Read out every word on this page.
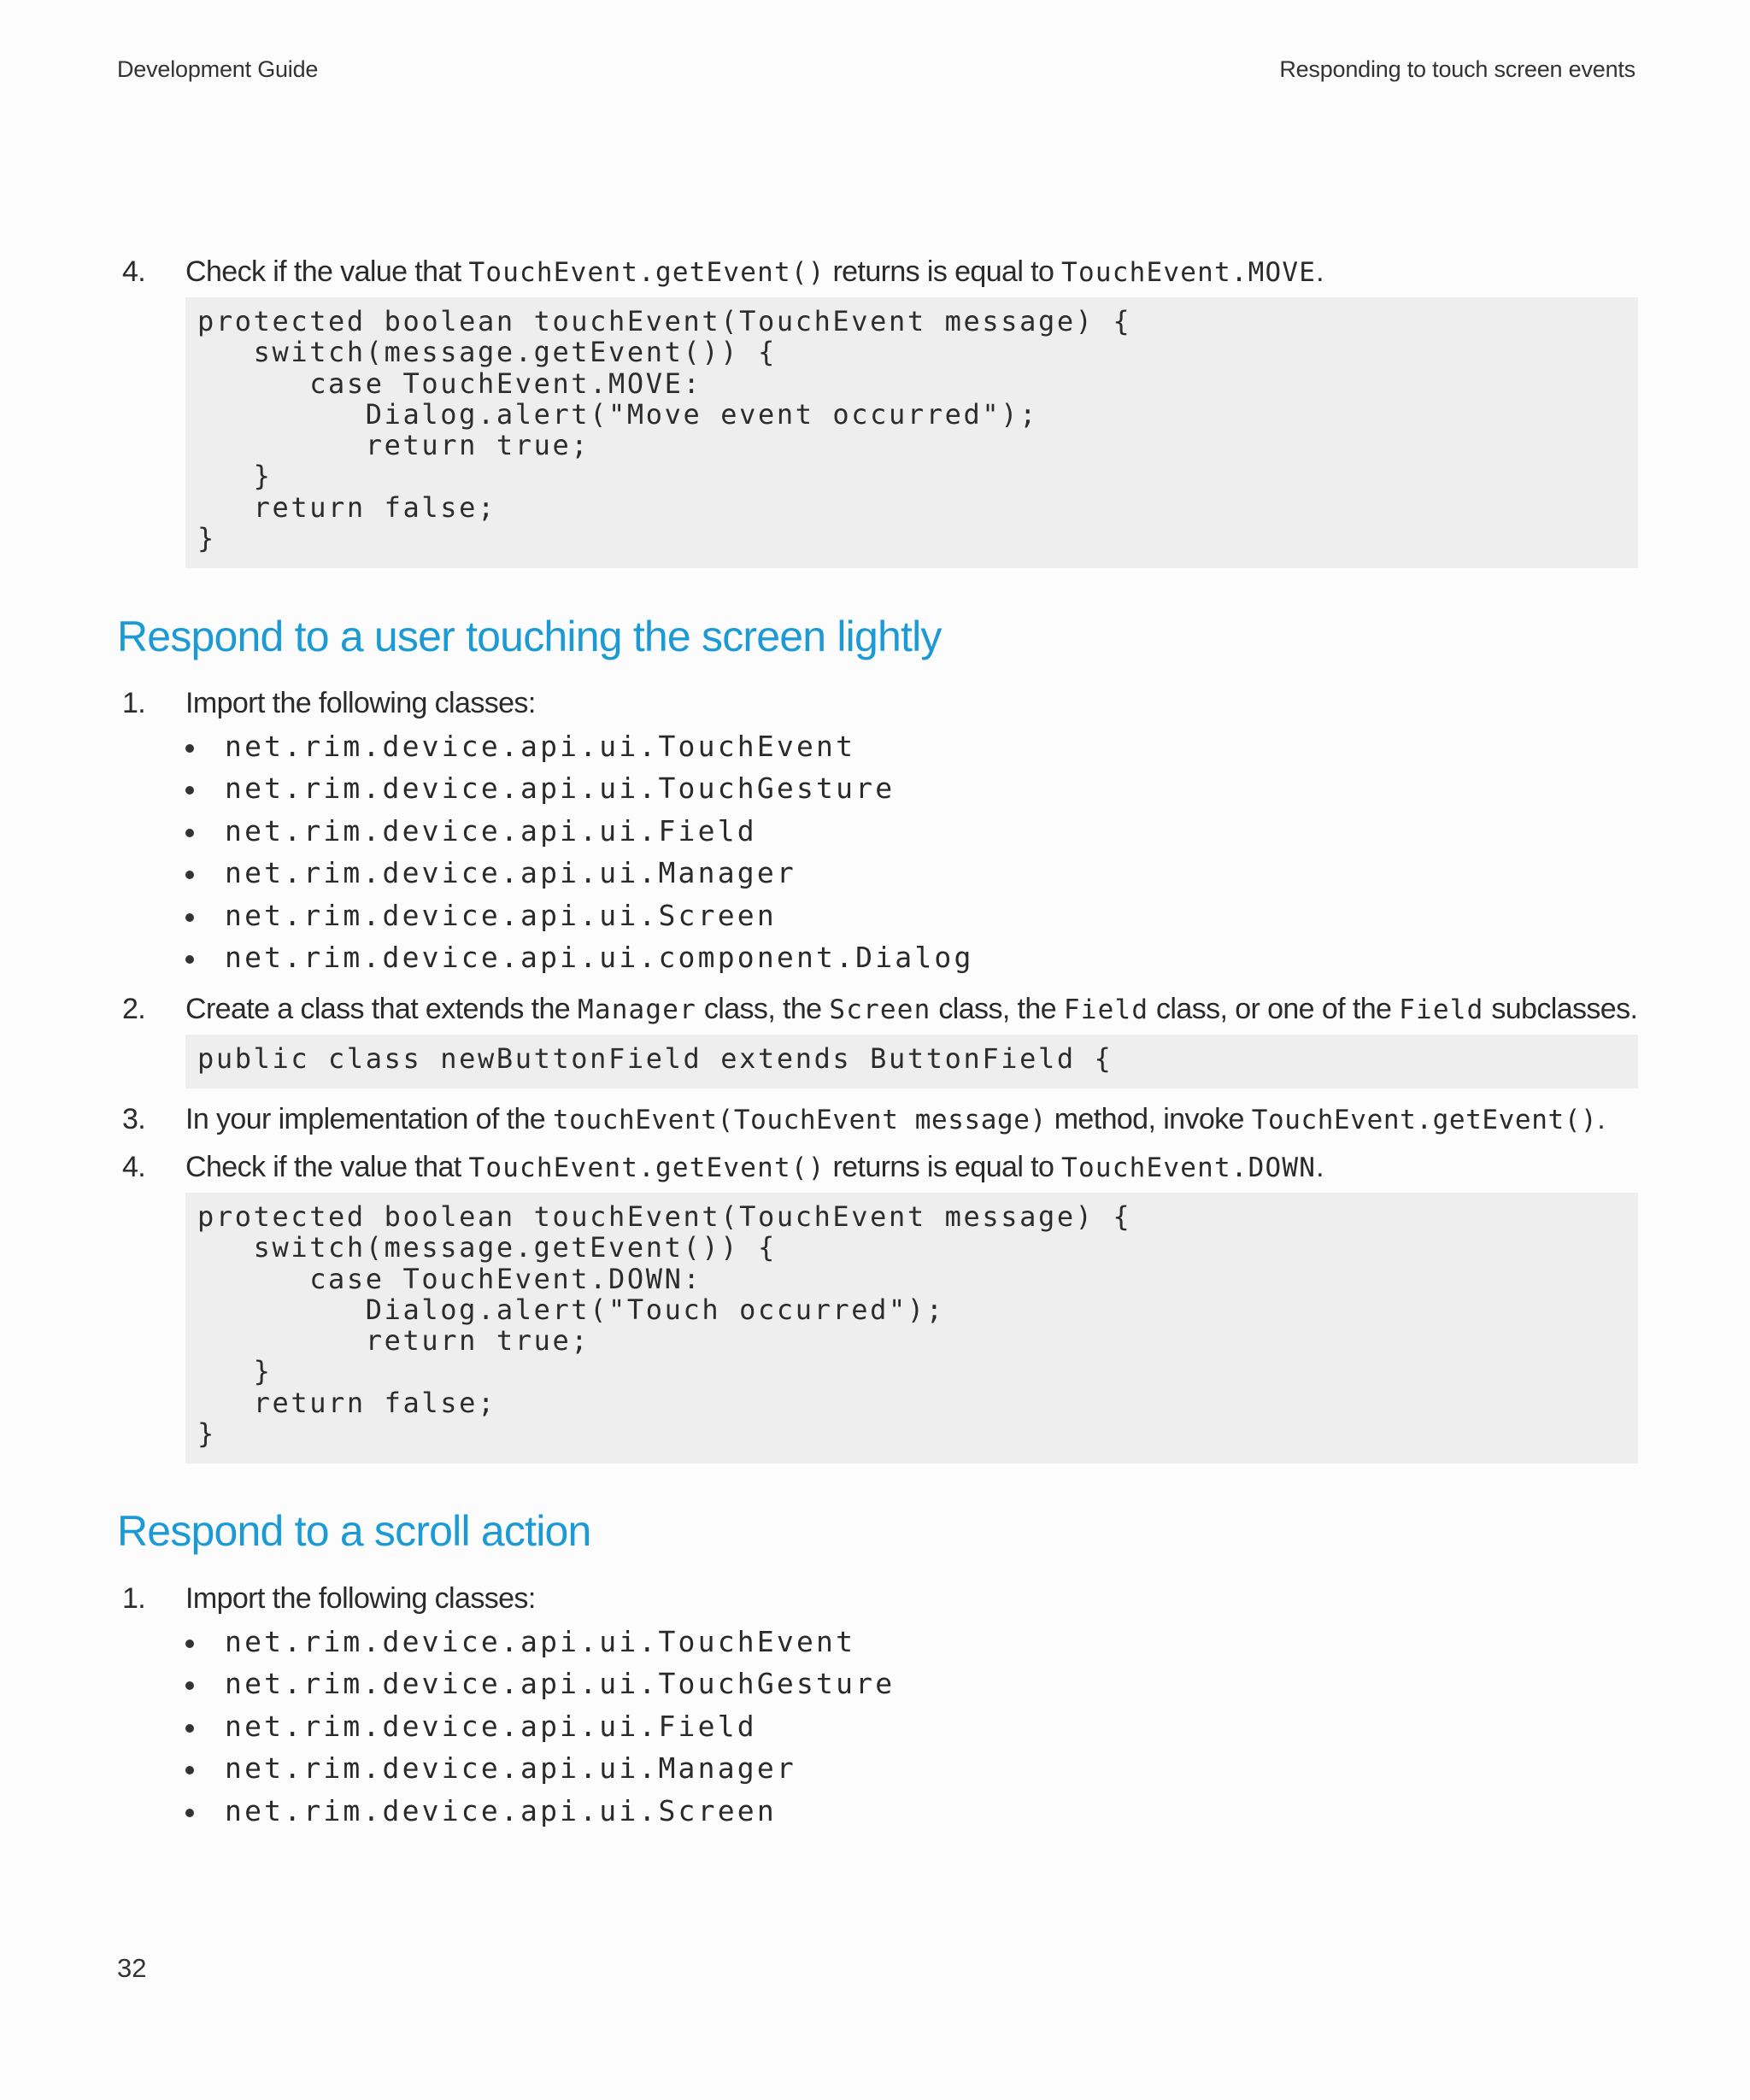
Development Guide	Responding to touch screen events
4. Check if the value that TouchEvent.getEvent() returns is equal to TouchEvent.MOVE.
protected boolean touchEvent(TouchEvent message) {
switch(message.getEvent()) {
case TouchEvent.MOVE:
Dialog.alert("Move event occurred");
return true;
}
return false;
}
Respond to a user touching the screen lightly
1. Import the following classes:
net.rim.device.api.ui.TouchEvent
net.rim.device.api.ui.TouchGesture
net.rim.device.api.ui.Field
net.rim.device.api.ui.Manager
net.rim.device.api.ui.Screen
net.rim.device.api.ui.component.Dialog
2. Create a class that extends the Manager class, the Screen class, the Field class, or one of the Field subclasses.
public class newButtonField extends ButtonField {
3. In your implementation of the touchEvent(TouchEvent message) method, invoke TouchEvent.getEvent().
4. Check if the value that TouchEvent.getEvent() returns is equal to TouchEvent.DOWN.
protected boolean touchEvent(TouchEvent message) {
switch(message.getEvent()) {
case TouchEvent.DOWN:
Dialog.alert("Touch occurred");
return true;
}
return false;
}
Respond to a scroll action
1. Import the following classes:
net.rim.device.api.ui.TouchEvent
net.rim.device.api.ui.TouchGesture
net.rim.device.api.ui.Field
net.rim.device.api.ui.Manager
net.rim.device.api.ui.Screen
32
